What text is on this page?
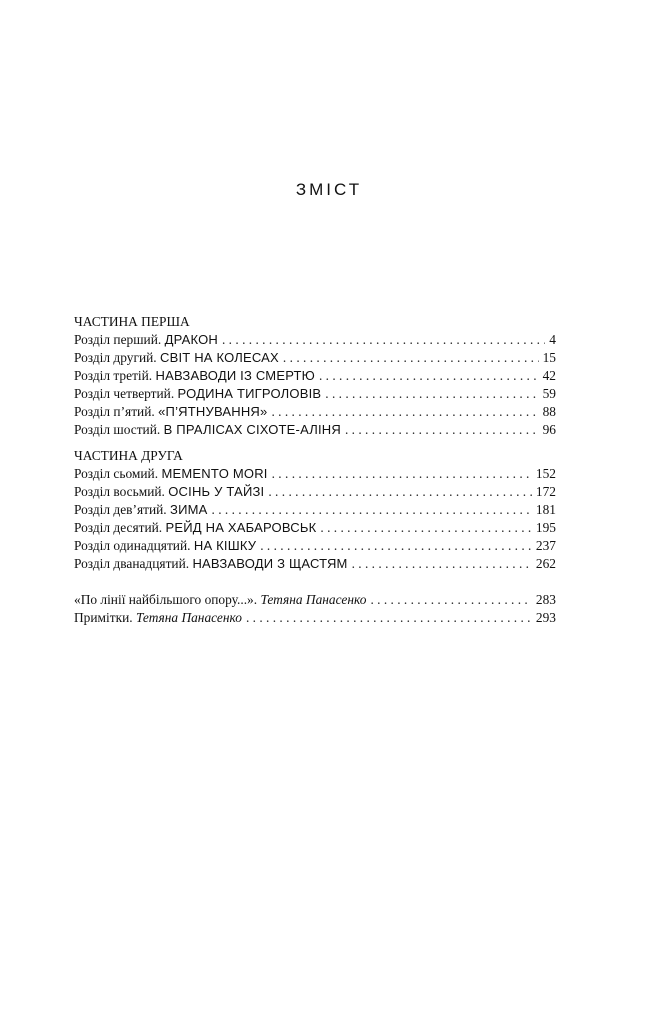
ЗМІСТ
ЧАСТИНА ПЕРША
Розділ перший. ДРАКОН . . .	4
Розділ другий. СВІТ НА КОЛЕСАХ . . .	15
Розділ третій. НАВЗАВОДИ ІЗ СМЕРТЮ . . .	42
Розділ четвертий. РОДИНА ТИГРОЛОВІВ . . .	59
Розділ п’ятий. «П’ЯТНУВАННЯ» . . .	88
Розділ шостий. В ПРАЛІСАХ СІХОТЕ-АЛІНЯ . . .	96
ЧАСТИНА ДРУГА
Розділ сьомий. MEMENTO MORI . . .	152
Розділ восьмий. ОСІНЬ У ТАЙЗІ . . .	172
Розділ дев’ятий. ЗИМА . . .	181
Розділ десятий. РЕЙД НА ХАБАРОВСЬК . . .	195
Розділ одинадцятий. НА КІШКУ . . .	237
Розділ дванадцятий. НАВЗАВОДИ З ЩАСТЯМ . . .	262
«По лінії найбільшого опору...». Тетяна Панасенко . . .	283
Примітки. Тетяна Панасенко . . .	293
